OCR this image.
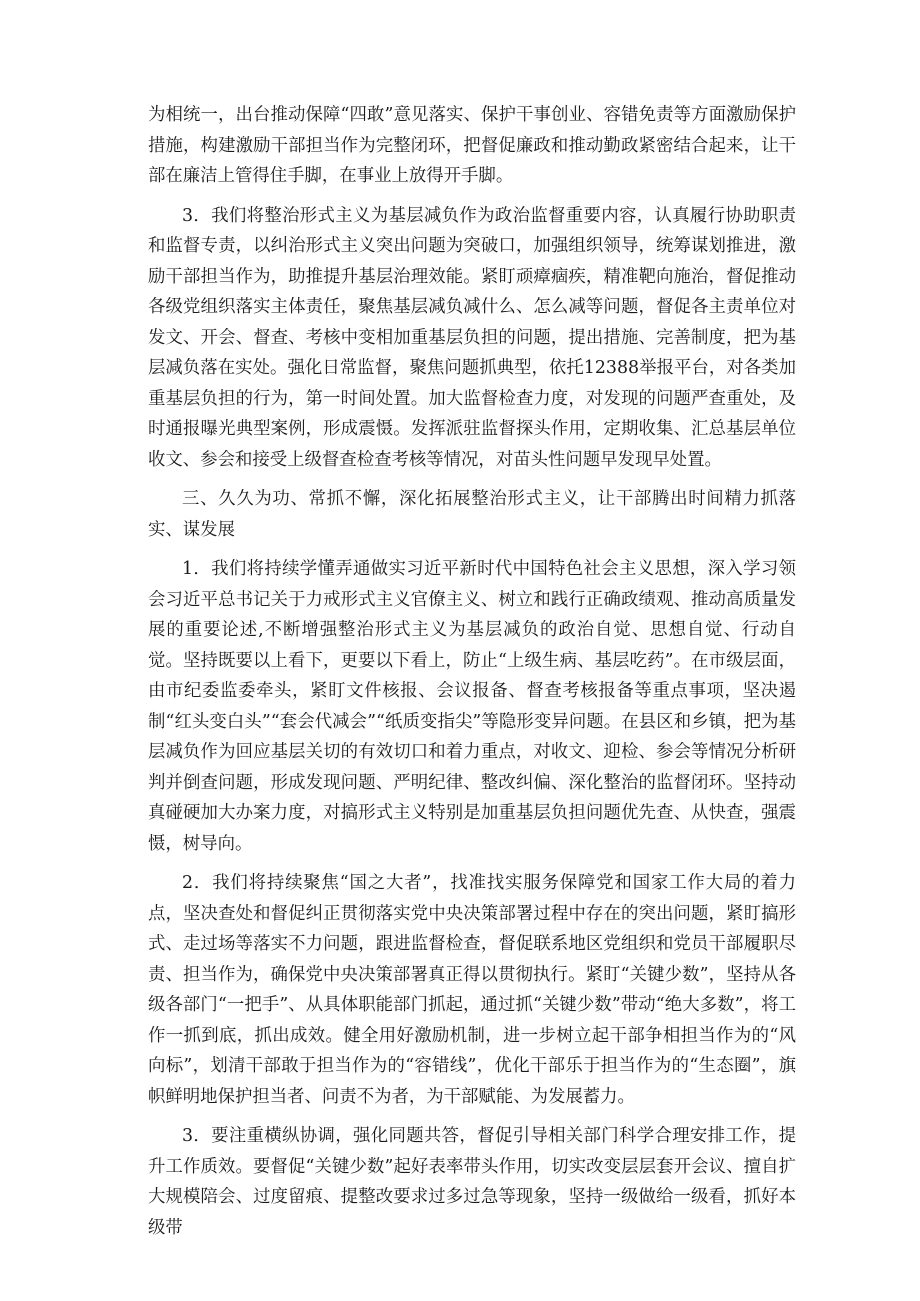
为相统一，出台推动保障“四敢”意见落实、保护干事创业、容错免责等方面激励保护措施，构建激励干部担当作为完整闭环，把督促廉政和推动勤政紧密结合起来，让干部在廉洁上管得住手脚，在事业上放得开手脚。

3．我们将整治形式主义为基层减负作为政治监督重要内容，认真履行协助职责和监督专责，以纠治形式主义突出问题为突破口，加强组织领导，统筹谋划推进，激励干部担当作为，助推提升基层治理效能。紧盯顽瘴痼疾，精准靶向施治，督促推动各级党组织落实主体责任，聚焦基层减负减什么、怎么减等问题，督促各主责单位对发文、开会、督查、考核中变相加重基层负担的问题，提出措施、完善制度，把为基层减负落在实处。强化日常监督，聚焦问题抓典型，依托12388举报平台，对各类加重基层负担的行为，第一时间处置。加大监督检查力度，对发现的问题严查重处，及时通报曝光典型案例，形成震慑。发挥派驻监督探头作用，定期收集、汇总基层单位收文、参会和接受上级督查检查考核等情况，对苗头性问题早发现早处置。

三、久久为功、常抓不懈，深化拓展整治形式主义，让干部腾出时间精力抓落实、谋发展

1．我们将持续学懂弄通做实习近平新时代中国特色社会主义思想，深入学习领会习近平总书记关于力戒形式主义官僚主义、树立和践行正确政绩观、推动高质量发展的重要论述,不断增强整治形式主义为基层减负的政治自觉、思想自觉、行动自觉。坚持既要以上看下，更要以下看上，防止“上级生病、基层吃药”。在市级层面，由市纪委监委牵头，紧盯文件核报、会议报备、督查考核报备等重点事项，坚决遏制“红头变白头”“套会代减会”“纸质变指尖”等隐形变异问题。在县区和乡镇，把为基层减负作为回应基层关切的有效切口和着力重点，对收文、迎检、参会等情况分析研判并倒查问题，形成发现问题、严明纪律、整改纠偏、深化整治的监督闭环。坚持动真碰硬加大办案力度，对搞形式主义特别是加重基层负担问题优先查、从快查，强震慑，树导向。

2．我们将持续聚焦“国之大者”，找准找实服务保障党和国家工作大局的着力点，坚决查处和督促纠正贯彻落实党中央决策部署过程中存在的突出问题，紧盯搞形式、走过场等落实不力问题，跟进监督检查，督促联系地区党组织和党员干部履职尽责、担当作为，确保党中央决策部署真正得以贯彻执行。紧盯“关键少数”，坚持从各级各部门“一把手”、从具体职能部门抓起，通过抓“关键少数”带动“绝大多数”，将工作一抓到底，抓出成效。健全用好激励机制，进一步树立起干部争相担当作为的“风向标”，划清干部敢于担当作为的“容错线”，优化干部乐于担当作为的“生态圈”，旗帜鲜明地保护担当者、问责不为者，为干部赋能、为发展蓄力。

3．要注重横纵协调，强化同题共答，督促引导相关部门科学合理安排工作，提升工作质效。要督促“关键少数”起好表率带头作用，切实改变层层套开会议、擅自扩大规模陪会、过度留痕、提整改要求过多过急等现象，坚持一级做给一级看，抓好本级带
